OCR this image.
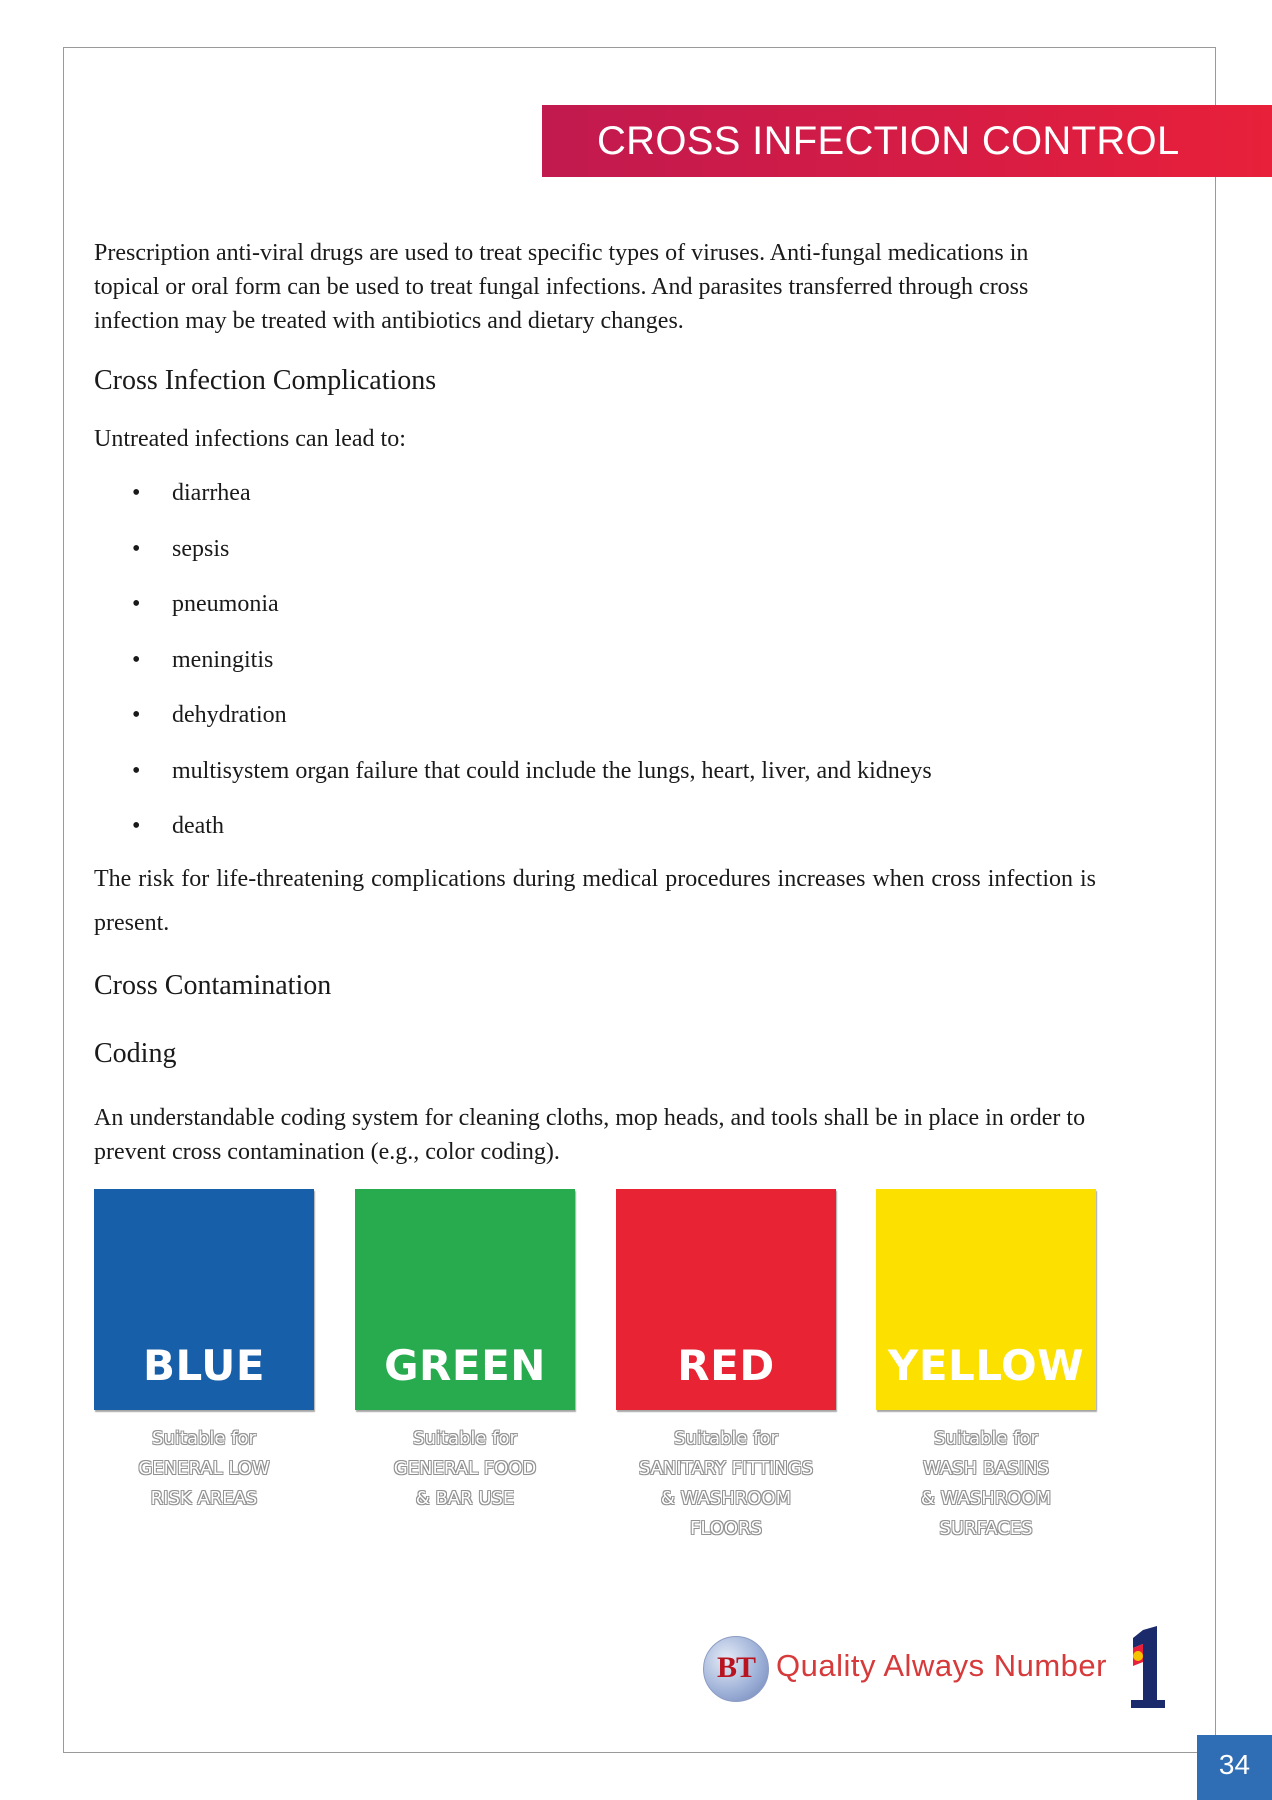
CROSS INFECTION CONTROL

Prescription anti-viral drugs are used to treat specific types of viruses. Anti-fungal medications in topical or oral form can be used to treat fungal infections. And parasites transferred through cross infection may be treated with antibiotics and dietary changes.

Cross Infection Complications

Untreated infections can lead to:

• diarrhea
• sepsis
• pneumonia
• meningitis
• dehydration
• multisystem organ failure that could include the lungs, heart, liver, and kidneys
• death

The risk for life-threatening complications during medical procedures increases when cross infection is present.

Cross Contamination
Coding

An understandable coding system for cleaning cloths, mop heads, and tools shall be in place in order to prevent cross contamination (e.g., color coding).

BLUE	GREEN	RED	YELLOW
Suitable for
GENERAL LOW
RISK AREAS
Suitable for
GENERAL FOOD
& BAR USE
Suitable for
SANITARY FITTINGS
& WASHROOM
FLOORS
Suitable for
WASH BASINS
& WASHROOM
SURFACES
BT Quality Always Number
34
